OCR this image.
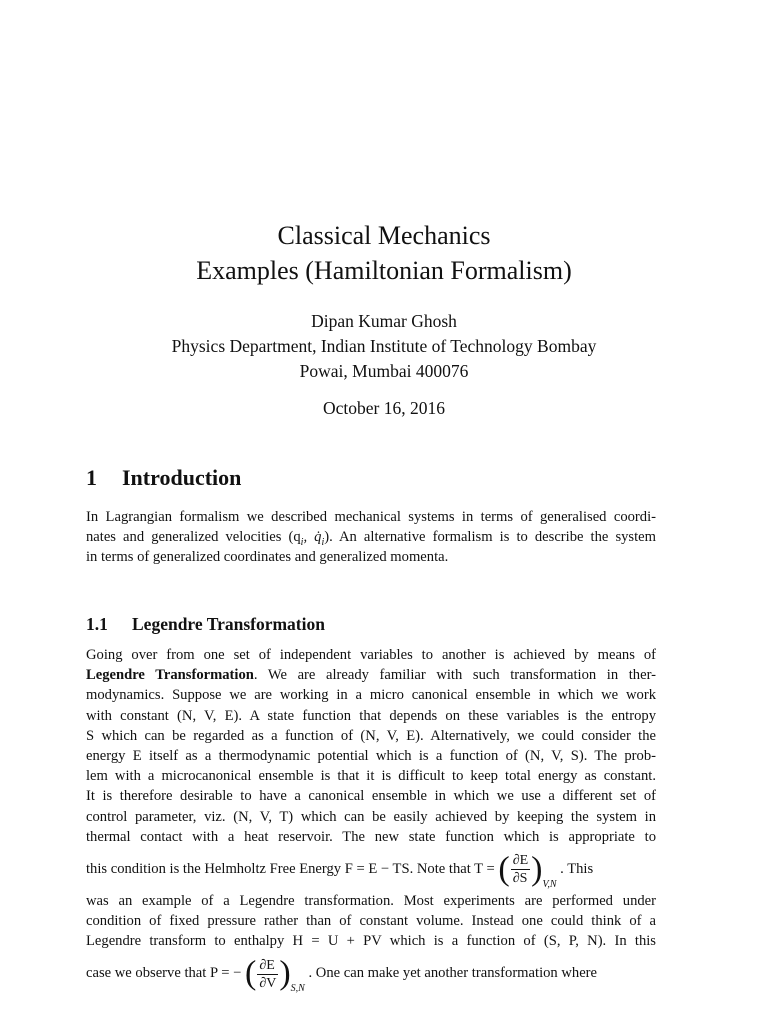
Classical Mechanics
Examples (Hamiltonian Formalism)
Dipan Kumar Ghosh
Physics Department, Indian Institute of Technology Bombay
Powai, Mumbai 400076
October 16, 2016
1 Introduction
In Lagrangian formalism we described mechanical systems in terms of generalised coordi-
nates and generalized velocities ($q_i$, $q̇_i$). An alternative formalism is to describe the system
in terms of generalized coordinates and generalized momenta.
1.1 Legendre Transformation
Going over from one set of independent variables to another is achieved by means of
Legendre Transformation. We are already familiar with such transformation in ther-
modynamics. Suppose we are working in a micro canonical ensemble in which we work
with constant (N, V, E). A state function that depends on these variables is the entropy
S which can be regarded as a function of (N, V, E). Alternatively, we could consider the
energy E itself as a thermodynamic potential which is a function of (N, V, S). The prob-
lem with a microcanonical ensemble is that it is difficult to keep total energy as constant.
It is therefore desirable to have a canonical ensemble in which we use a different set of
control parameter, viz. (N, V, T) which can be easily achieved by keeping the system in
thermal contact with a heat reservoir. The new state function which is appropriate to
this condition is the Helmholtz Free Energy F = E − TS. Note that T = ( $\frac{\partial E}{\partial S} )_{V,N}$ . This
was an example of a Legendre transformation. Most experiments are performed under
condition of fixed pressure rather than of constant volume. Instead one could think of a
Legendre transform to enthalpy H = U + PV which is a function of (S, P, N). In this
case we observe that P = − ( $\frac{\partial E}{\partial V} )_{S,N}$ . One can make yet another transformation where
